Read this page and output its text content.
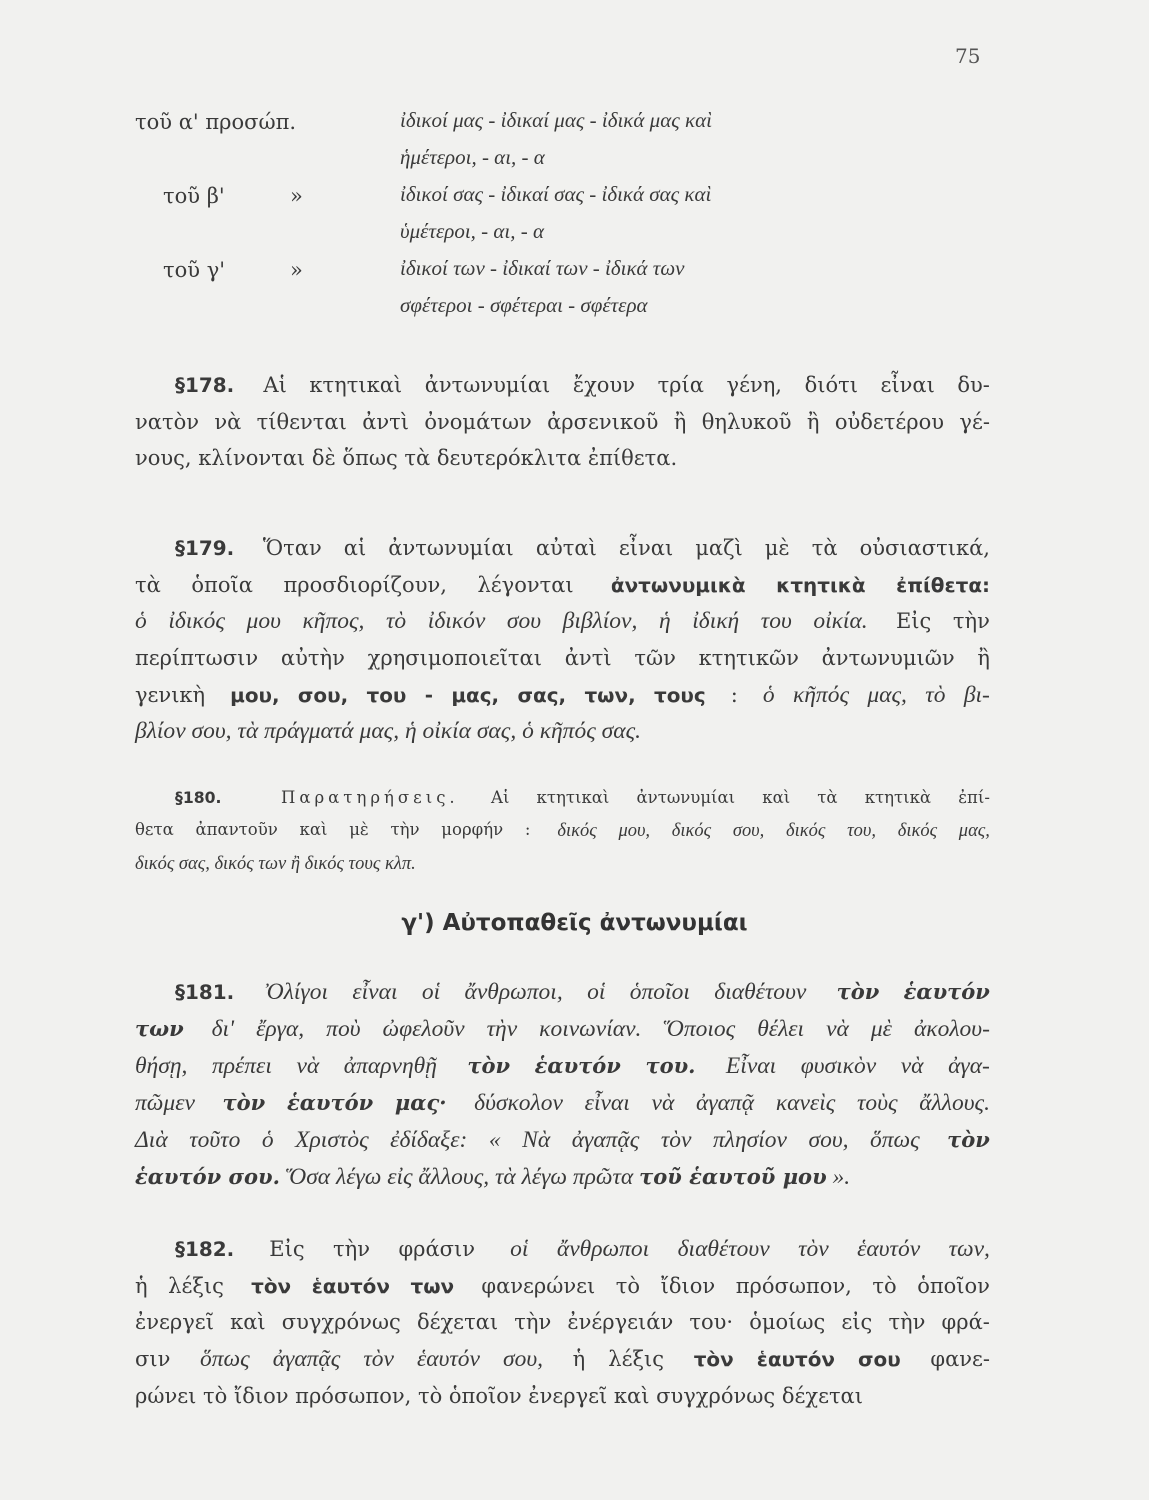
75
τοῦ α' προσώπ.	ἰδικοί μας - ἰδικαί μας - ἰδικά μας καὶ
ἡμέτεροι, - αι, - α
τοῦ β'	»	ἰδικοί σας - ἰδικαί σας - ἰδικά σας καὶ
ὑμέτεροι, - αι, - α
τοῦ γ'	»	ἰδικοί των - ἰδικαί των - ἰδικά των
σφέτεροι - σφέτεραι - σφέτερα
γ') Αὐτοπαθεῖς ἀντωνυμίαι
§178. Αἱ κτητικαὶ ἀντωνυμίαι ἔχουν τρία γένη, διότι εἶναι δυ-
νατὸν νὰ τίθενται ἀντὶ ὀνομάτων ἀρσενικοῦ ἢ θηλυκοῦ ἢ οὐδετέρου γέ-
νους, κλίνονται δὲ ὅπως τὰ δευτερόκλιτα ἐπίθετα.
§179. Ὅταν αἱ ἀντωνυμίαι αὐταὶ εἶναι μαζὶ μὲ τὰ οὐσιαστικά,
τὰ ὁποῖα προσδιορίζουν, λέγονται ἀντωνυμικὰ κτητικὰ ἐπίθετα:
ὁ ἰδικός μου κῆπος, τὸ ἰδικόν σου βιβλίον, ἡ ἰδική του οἰκία. Εἰς τὴν
περίπτωσιν αὐτὴν χρησιμοποιεῖται ἀντὶ τῶν κτητικῶν ἀντωνυμιῶν ἢ
γενικὴ μου, σου, του - μας, σας, των, τους : ὁ κῆπός μας, τὸ βι-
βλίον σου, τὰ πράγματά μας, ἡ οἰκία σας, ὁ κῆπός σας.
§180.
	Παρατηρήσεις. Αἱ κτητικαὶ ἀντωνυμίαι καὶ τὰ κτητικὰ ἐπί-
θετα ἀπαντοῦν καὶ μὲ τὴν μορφήν : δικός μου, δικός σου, δικός του, δικός μας,
δικός σας, δικός των ἢ δικός τους κλπ.
§181. Ὀλίγοι εἶναι οἱ ἄνθρωποι, οἱ ὁποῖοι διαθέτουν τὸν ἑαυτόν
των δι' ἔργα, ποὺ ὠφελοῦν τὴν κοινωνίαν. Ὅποιος θέλει νὰ μὲ ἀκολου-
θήσῃ, πρέπει νὰ ἀπαρνηθῇ τὸν ἑαυτόν του. Εἶναι φυσικὸν νὰ ἀγα-
πῶμεν τὸν ἑαυτόν μας· δύσκολον εἶναι νὰ ἀγαπᾷ κανεὶς τοὺς ἄλλους.
Διὰ τοῦτο ὁ Χριστὸς ἐδίδαξε: « Νὰ ἀγαπᾷς τὸν πλησίον σου, ὅπως τὸν
ἑαυτόν σου. Ὅσα λέγω εἰς ἄλλους, τὰ λέγω πρῶτα τοῦ ἑαυτοῦ μου ».
§182. Εἰς τὴν φράσιν οἱ ἄνθρωποι διαθέτουν τὸν ἑαυτόν των,
ἡ λέξις τὸν ἑαυτόν των φανερώνει τὸ ἴδιον πρόσωπον, τὸ ὁποῖον
ἐνεργεῖ καὶ συγχρόνως δέχεται τὴν ἐνέργειάν του· ὁμοίως εἰς τὴν φρά-
σιν ὅπως ἀγαπᾷς τὸν ἑαυτόν σου, ἡ λέξις τὸν ἑαυτόν σου φανε-
ρώνει τὸ ἴδιον πρόσωπον, τὸ ὁποῖον ἐνεργεῖ καὶ συγχρόνως δέχεται
